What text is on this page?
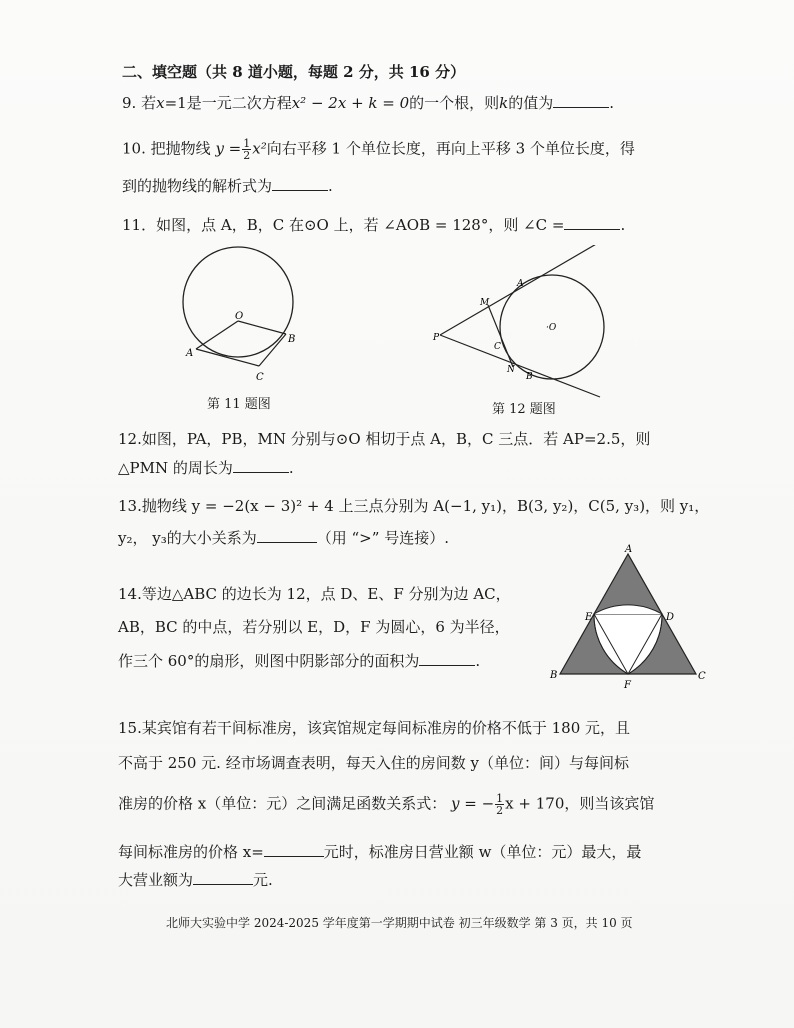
二、填空题（共 8 道小题，每题 2 分，共 16 分）
9. 若x=1是一元二次方程x² − 2x + k = 0的一个根，则k的值为	.
10. 把抛物线 $y = \frac{1}{2} x^2$向右平移 1 个单位长度，再向上平移 3 个单位长度，得
到的抛物线的解析式为	.
11．如图，点 A，B，C 在⊙O 上，若 ∠AOB = 128°，则 ∠C =	.
O
A
B
C
第 11 题图
P
M
A
·O
C
N
B
第 12 题图
12.如图，PA，PB，MN 分别与⊙O 相切于点 A，B，C 三点．若 AP=2.5，则
△PMN 的周长为	.
13.抛物线 y = −2(x − 3)² + 4 上三点分别为 A(−1, y₁)，B(3, y₂)，C(5, y₃)，则 y₁，
y₂， y₃的大小关系为	（用 “>” 号连接）.
14.等边△ABC 的边长为 12，点 D、E、F 分别为边 AC，
AB，BC 的中点，若分别以 E，D，F 为圆心，6 为半径，
作三个 60°的扇形，则图中阴影部分的面积为	.
A
B	C
D
E
F
15.某宾馆有若干间标准房，该宾馆规定每间标准房的价格不低于 180 元，且
不高于 250 元. 经市场调查表明，每天入住的房间数 y（单位：间）与每间标
准房的价格 x（单位：元）之间满足函数关系式： y = − $\frac{1}{2}$ x + 170，则当该宾馆
每间标准房的价格 x=	元时，标准房日营业额 w（单位：元）最大，最
大营业额为	元.
北师大实验中学 2024-2025 学年度第一学期期中试卷 初三年级数学 第 3 页，共 10 页
